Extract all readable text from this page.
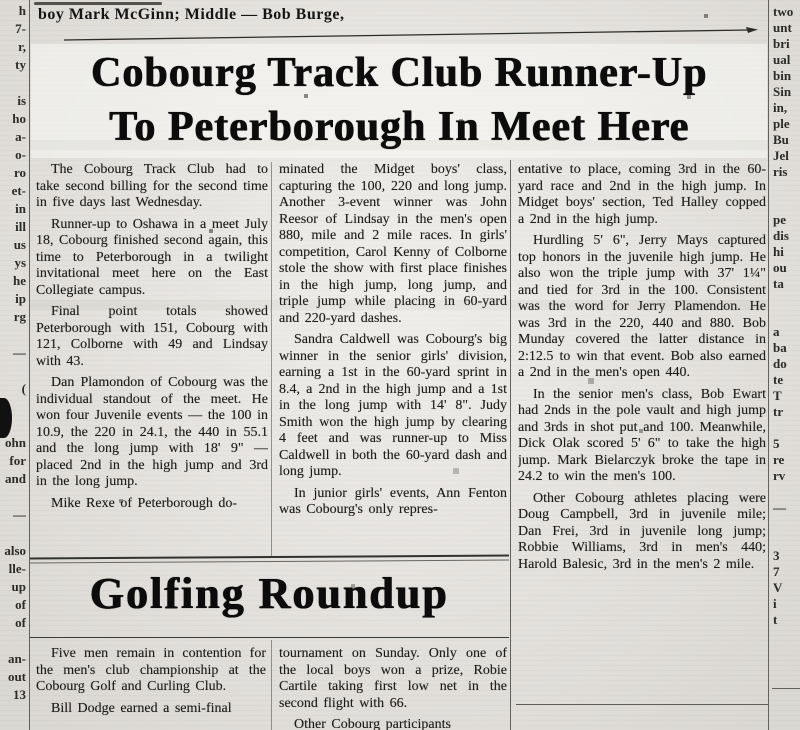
h
7-
r,
ty
is
ho
a-
o-
ro
et-
in
ill
us
ys
he
ip
rg
—
(
ohn
for
and
—
also
lle-
up
of
of
an-
out
13
two
unt
bri
ual
bin
Sin
in,
ple
Bu
Jel
ris
pe
dis
hi
ou
ta
a
ba
do
te
T
tr
5
re
rv
—
3
7
V
i
t
boy Mark McGinn; Middle — Bob Burge,
Cobourg Track Club Runner-Up
To Peterborough In Meet Here

The Cobourg Track Club had to take second billing for the second time in five days last Wednesday.

Runner-up to Oshawa in a meet July 18, Cobourg finished second again, this time to Peterborough in a twilight invitational meet here on the East Collegiate campus.

Final point totals showed Peterborough with 151, Cobourg with 121, Colborne with 49 and Lindsay with 43.

Dan Plamondon of Cobourg was the individual standout of the meet. He won four Juvenile events — the 100 in 10.9, the 220 in 24.1, the 440 in 55.1 and the long jump with 18' 9" — placed 2nd in the high jump and 3rd in the long jump.

Mike Rexe of Peterborough do-

minated the Midget boys' class, capturing the 100, 220 and long jump. Another 3-event winner was John Reesor of Lindsay in the men's open 880, mile and 2 mile races. In girls' competition, Carol Kenny of Colborne stole the show with first place finishes in the high jump, long jump, and triple jump while placing in 60-yard and 220-yard dashes.

Sandra Caldwell was Cobourg's big winner in the senior girls' division, earning a 1st in the 60-yard sprint in 8.4, a 2nd in the high jump and a 1st in the long jump with 14' 8". Judy Smith won the high jump by clearing 4 feet and was runner-up to Miss Caldwell in both the 60-yard dash and long jump.

In junior girls' events, Ann Fenton was Cobourg's only repres-

entative to place, coming 3rd in the 60-yard race and 2nd in the high jump. In Midget boys' section, Ted Halley copped a 2nd in the high jump.

Hurdling 5' 6", Jerry Mays captured top honors in the juvenile high jump. He also won the triple jump with 37' 1¼" and tied for 3rd in the 100. Consistent was the word for Jerry Plamendon. He was 3rd in the 220, 440 and 880. Bob Munday covered the latter distance in 2:12.5 to win that event. Bob also earned a 2nd in the men's open 440.

In the senior men's class, Bob Ewart had 2nds in the pole vault and high jump and 3rds in shot put and 100. Meanwhile, Dick Olak scored 5' 6" to take the high jump. Mark Bielarczyk broke the tape in 24.2 to win the men's 100.

Other Cobourg athletes placing were Doug Campbell, 3rd in juvenile mile; Dan Frei, 3rd in juvenile long jump; Robbie Williams, 3rd in men's 440; Harold Balesic, 3rd in the men's 2 mile.

Golfing Roundup

Five men remain in contention for the men's club championship at the Cobourg Golf and Curling Club.

Bill Dodge earned a semi-final

tournament on Sunday. Only one of the local boys won a prize, Robie Cartile taking first low net in the second flight with 66.

Other Cobourg participants
